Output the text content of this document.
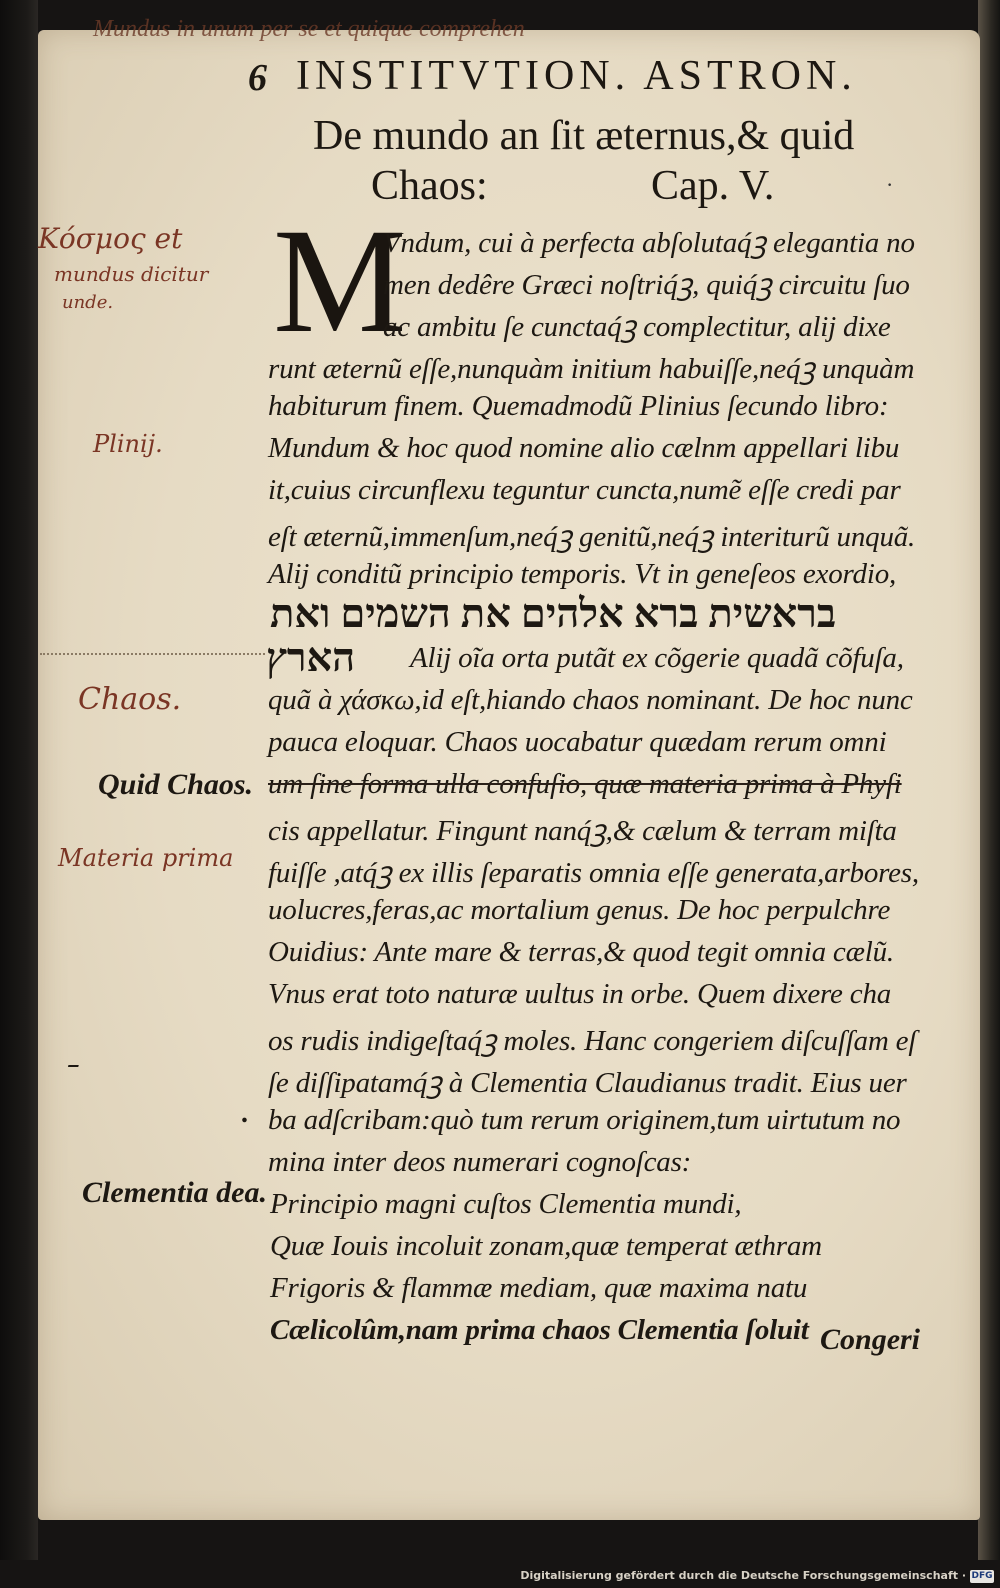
Mundus in unum per se et quique comprehen
6 INSTITVTION. ASTRON.
De mundo an ſit æternus,& quid
Chaos:	Cap. V.	·
M
Vndum, cui à perfecta abſolutaq́ꝫ elegantia no
men dedêre Græci noſtriq́ꝫ, quiq́ꝫ circuitu ſuo
ac ambitu ſe cunctaq́ꝫ complectitur, alij dixe
runt æternũ eſſe,nunquàm initium habuiſſe,neq́ꝫ unquàm
habiturum finem. Quemadmodũ Plinius ſecundo libro:
Mundum & hoc quod nomine alio cælnm appellari libu
it,cuius circunflexu teguntur cuncta,numẽ eſſe credi par
eſt æternũ,immenſum,neq́ꝫ genitũ,neq́ꝫ interiturũ unquã.
Alij conditũ principio temporis. Vt in geneſeos exordio,
בראשית ברא אלהים את השמים ואת
הארץ Alij oĩa orta putãt ex cõgerie quadã cõfuſa,
quã à χάσκω,id eſt,hiando chaos nominant. De hoc nunc
pauca eloquar. Chaos uocabatur quædam rerum omni
um ſine forma ulla confuſio, quæ materia prima à Phyſi
cis appellatur. Fingunt nanq́ꝫ,& cælum & terram miſta
fuiſſe ,atq́ꝫ ex illis ſeparatis omnia eſſe generata,arbores,
uolucres,feras,ac mortalium genus. De hoc perpulchre
Ouidius: Ante mare & terras,& quod tegit omnia cælũ.
Vnus erat toto naturæ uultus in orbe. Quem dixere cha
os rudis indigeſtaq́ꝫ moles. Hanc congeriem diſcuſſam eſ
ſe diſſipatamq́ꝫ à Clementia Claudianus tradit. Eius uer
ba adſcribam:quò tum rerum originem,tum uirtutum no
mina inter deos numerari cognoſcas:
Principio magni cuſtos Clementia mundi,
Quæ Iouis incoluit zonam,quæ temperat æthram
Frigoris & flammæ mediam, quæ maxima natu
Cælicolûm,nam prima chaos Clementia ſoluit Congeri
Κόσμος et
mundus dicitur
unde.
Plinij.
Chaos.
Quid Chaos.
Materia prima
⁻
.
Clementia dea.
Digitalisierung gefördert durch die Deutsche Forschungsgemeinschaft · DFG
